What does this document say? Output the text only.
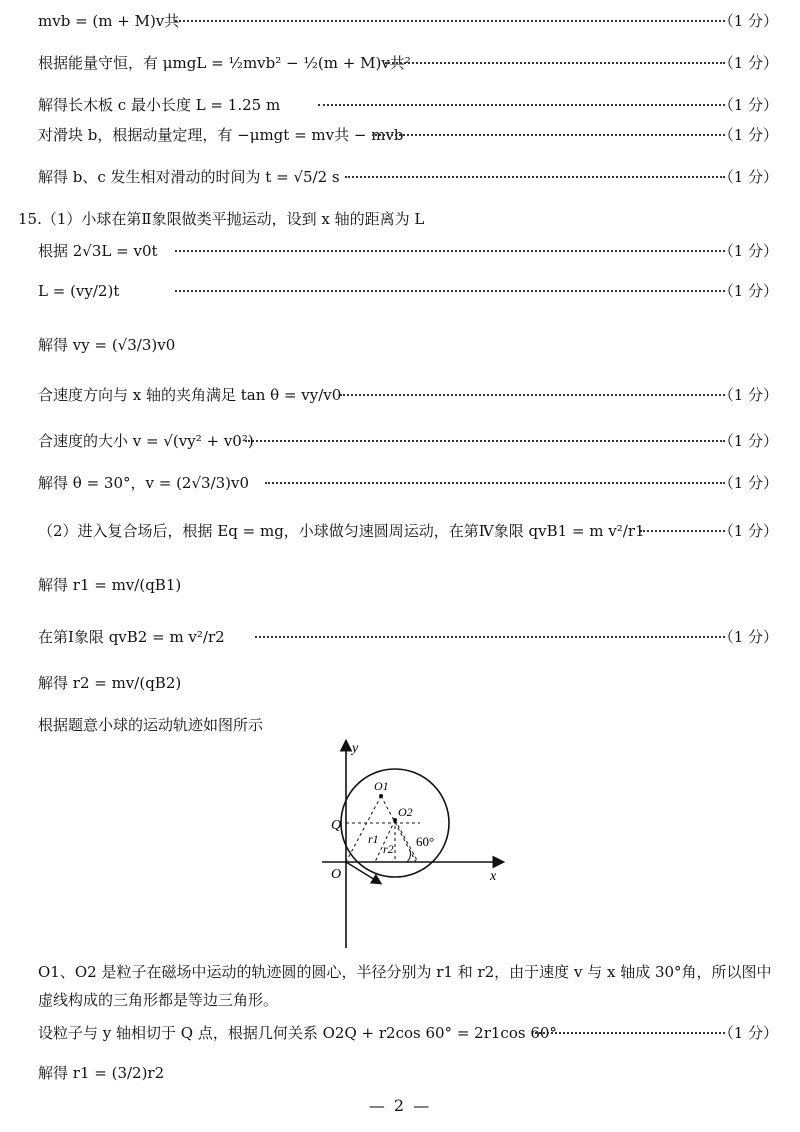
mvb = (m + M)v共	（1 分）
根据能量守恒，有 μmgL = ½mvb² − ½(m + M)v共²	（1 分）
解得长木板 c 最小长度 L = 1.25 m	（1 分）
对滑块 b，根据动量定理，有 −μmgt = mv共 − mvb	（1 分）
解得 b、c 发生相对滑动的时间为 t = √5/2 s	（1 分）
15.（1）小球在第Ⅱ象限做类平抛运动，设到 x 轴的距离为 L
根据 2√3L = v0t	（1 分）
L = (vy/2)t	（1 分）
解得 vy = (√3/3)v0
合速度方向与 x 轴的夹角满足 tan θ = vy/v0	（1 分）
合速度的大小 v = √(vy² + v0²)	（1 分）
解得 θ = 30°，v = (2√3/3)v0	（1 分）
（2）进入复合场后，根据 Eq = mg，小球做匀速圆周运动，在第Ⅳ象限 qvB1 = m v²/r1	（1 分）
解得 r1 = mv/(qB1)
在第Ⅰ象限 qvB2 = m v²/r2	（1 分）
解得 r2 = mv/(qB2)
根据题意小球的运动轨迹如图所示
y
x
O
Q
O1
O2
r1
r2 60°
O1、O2 是粒子在磁场中运动的轨迹圆的圆心，半径分别为 r1 和 r2，由于速度 v 与 x 轴成 30°角，所以图中虚线构成的三角形都是等边三角形。
设粒子与 y 轴相切于 Q 点，根据几何关系 O2Q + r2cos 60° = 2r1cos 60°	（1 分）
解得 r1 = (3/2)r2
— 2 —
